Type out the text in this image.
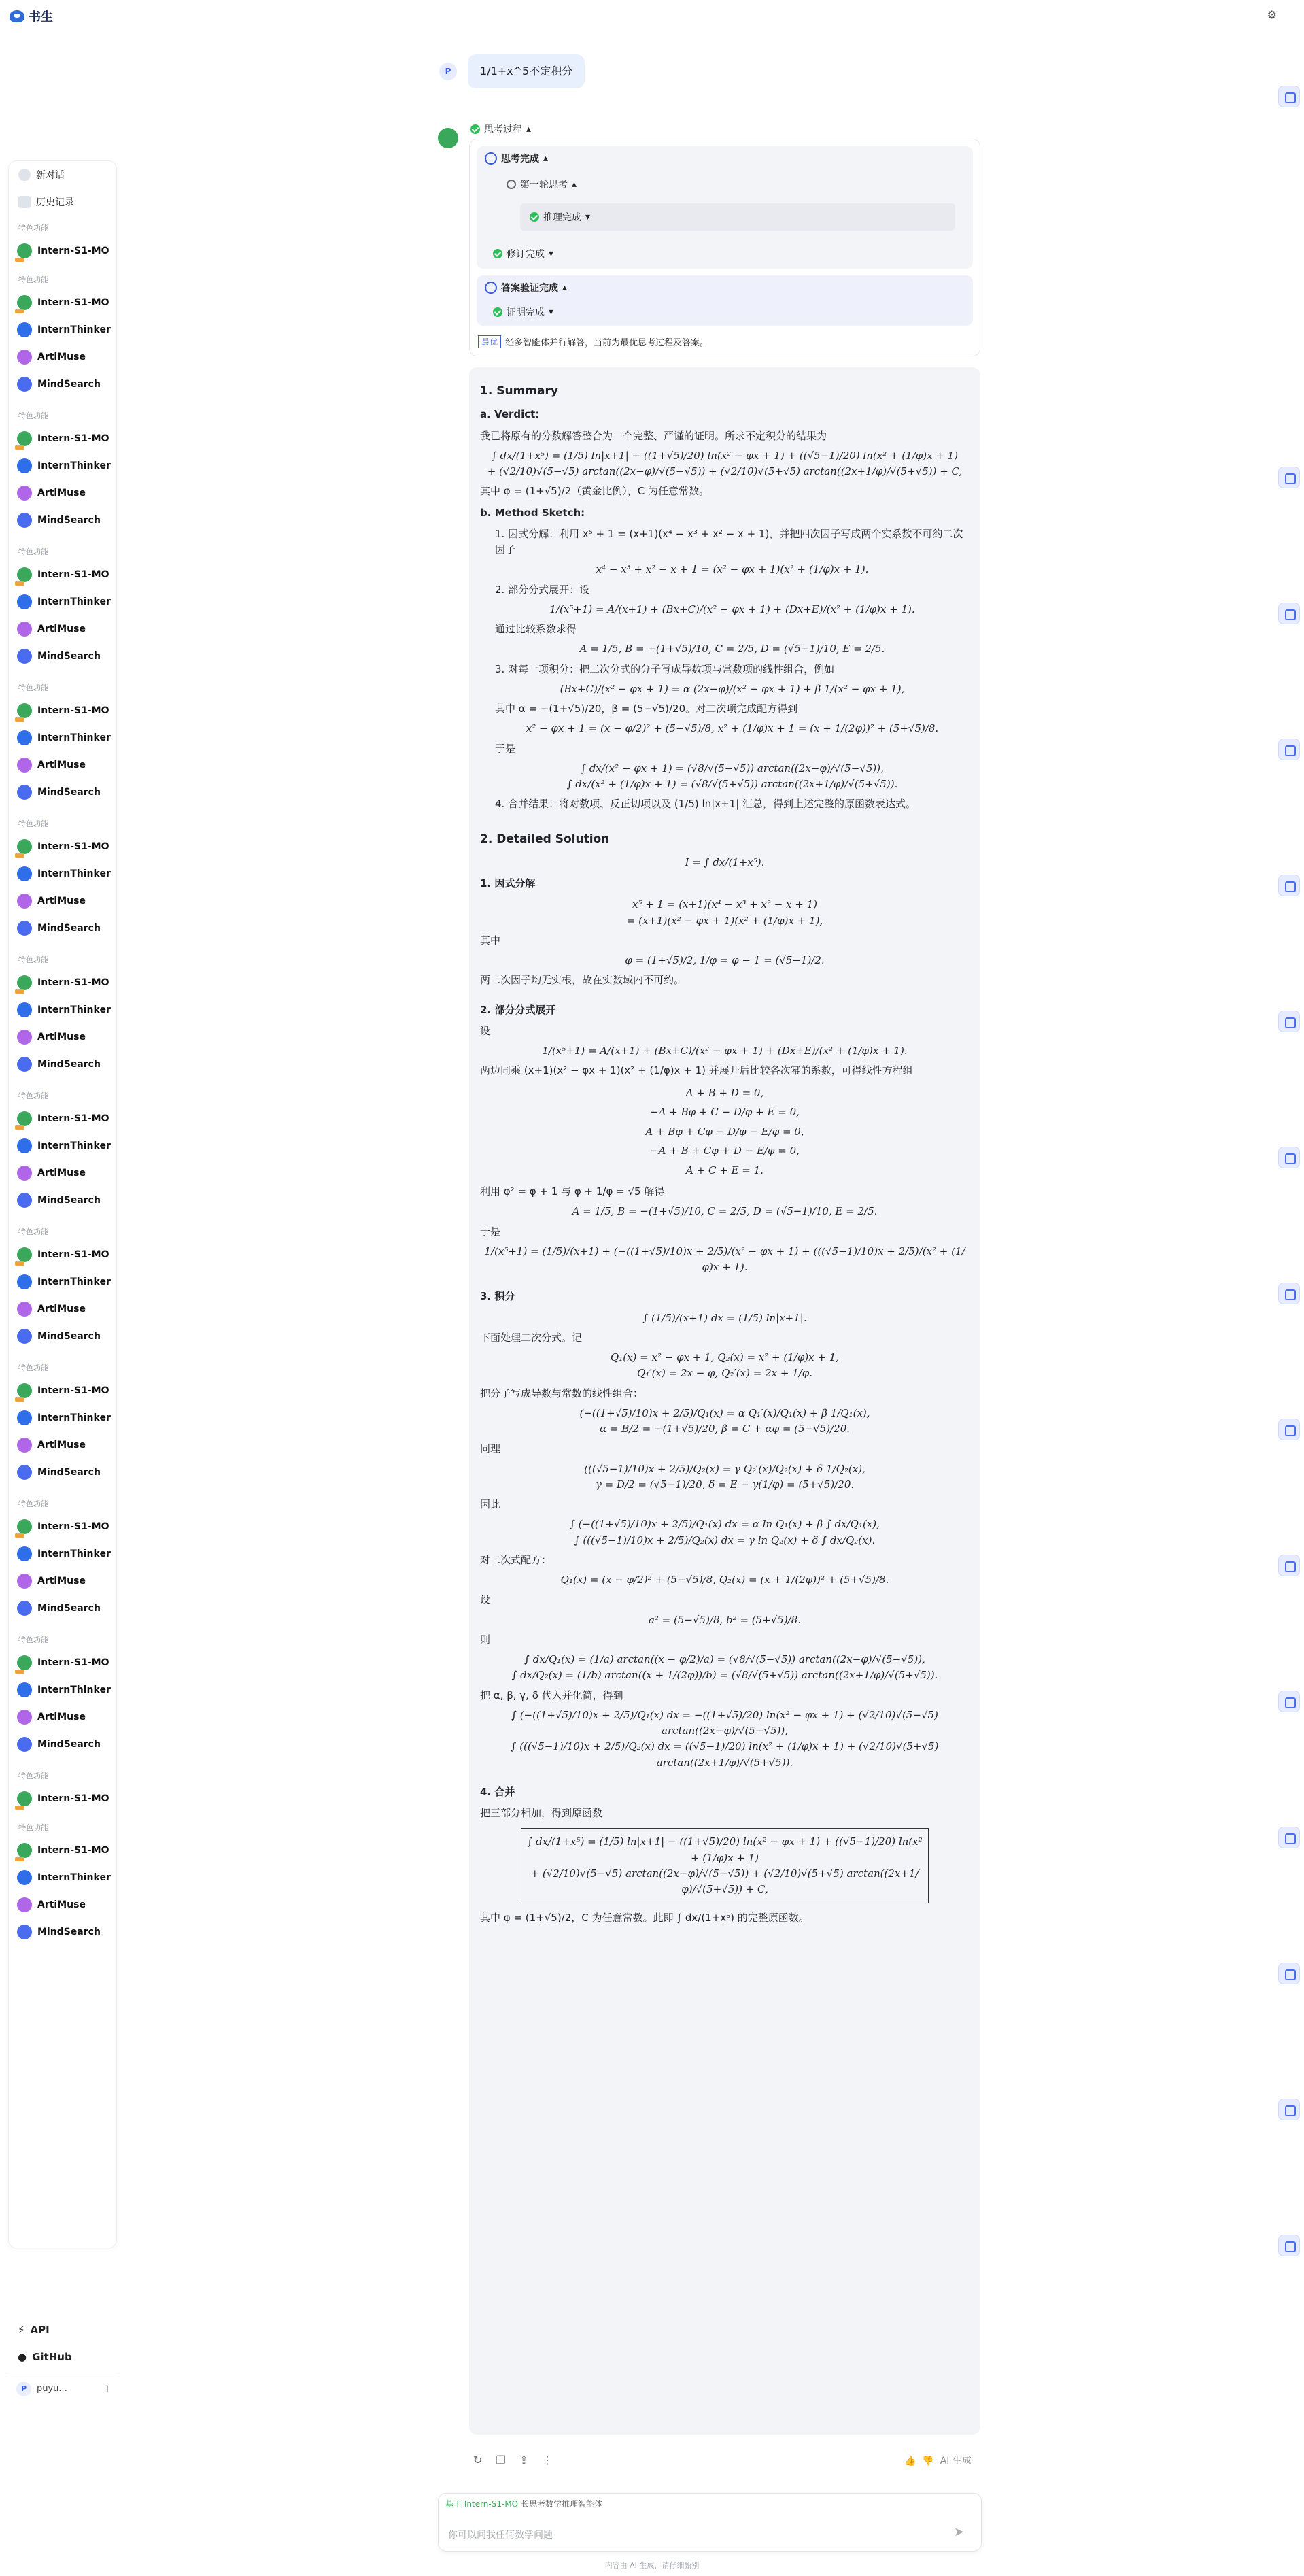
书生	⚙
新对话
历史记录
特色功能
Intern-S1-MO
特色功能
Intern-S1-MO
InternThinker
ArtiMuse
MindSearch
特色功能
Intern-S1-MO
InternThinker
ArtiMuse
MindSearch
特色功能
Intern-S1-MO
InternThinker
ArtiMuse
MindSearch
特色功能
Intern-S1-MO
InternThinker
ArtiMuse
MindSearch
特色功能
Intern-S1-MO
InternThinker
ArtiMuse
MindSearch
特色功能
Intern-S1-MO
InternThinker
ArtiMuse
MindSearch
特色功能
Intern-S1-MO
InternThinker
ArtiMuse
MindSearch
特色功能
Intern-S1-MO
InternThinker
ArtiMuse
MindSearch
特色功能
Intern-S1-MO
InternThinker
ArtiMuse
MindSearch
特色功能
Intern-S1-MO
InternThinker
ArtiMuse
MindSearch
特色功能
Intern-S1-MO
InternThinker
ArtiMuse
MindSearch
特色功能
Intern-S1-MO
特色功能
Intern-S1-MO
InternThinker
ArtiMuse
MindSearch
⚡ API
● GitHub
P	puyu...	▯
P	1/1+x^5不定积分
思考过程 ▴
思考完成 ▴
第一轮思考 ▴
推理完成 ▾
修订完成 ▾
答案验证完成 ▴
证明完成 ▾
最优 经多智能体并行解答，当前为最优思考过程及答案。
1. Summary
a. Verdict:
我已将原有的分数解答整合为一个完整、严谨的证明。所求不定积分的结果为
∫ dx/(1+x⁵) = (1/5) ln|x+1| − ((1+√5)/20) ln(x² − φx + 1) + ((√5−1)/20) ln(x² + (1/φ)x + 1)
+ (√2/10)√(5−√5) arctan((2x−φ)/√(5−√5)) + (√2/10)√(5+√5) arctan((2x+1/φ)/√(5+√5)) + C,
其中 φ = (1+√5)/2（黄金比例），C 为任意常数。
b. Method Sketch:
1. 因式分解：利用 x⁵ + 1 = (x+1)(x⁴ − x³ + x² − x + 1)，并把四次因子写成两个实系数不可约二次因子
x⁴ − x³ + x² − x + 1 = (x² − φx + 1)(x² + (1/φ)x + 1).
2. 部分分式展开：设
1/(x⁵+1) = A/(x+1) + (Bx+C)/(x² − φx + 1) + (Dx+E)/(x² + (1/φ)x + 1).
通过比较系数求得
A = 1/5, B = −(1+√5)/10, C = 2/5, D = (√5−1)/10, E = 2/5.
3. 对每一项积分：把二次分式的分子写成导数项与常数项的线性组合，例如
(Bx+C)/(x² − φx + 1) = α (2x−φ)/(x² − φx + 1) + β 1/(x² − φx + 1),
其中 α = −(1+√5)/20，β = (5−√5)/20。对二次项完成配方得到
x² − φx + 1 = (x − φ/2)² + (5−√5)/8, x² + (1/φ)x + 1 = (x + 1/(2φ))² + (5+√5)/8.
于是
∫ dx/(x² − φx + 1) = (√8/√(5−√5)) arctan((2x−φ)/√(5−√5)),
∫ dx/(x² + (1/φ)x + 1) = (√8/√(5+√5)) arctan((2x+1/φ)/√(5+√5)).
4. 合并结果：将对数项、反正切项以及 (1/5) ln|x+1| 汇总，得到上述完整的原函数表达式。
2. Detailed Solution
I = ∫ dx/(1+x⁵).
1. 因式分解
x⁵ + 1 = (x+1)(x⁴ − x³ + x² − x + 1)
= (x+1)(x² − φx + 1)(x² + (1/φ)x + 1),
其中
φ = (1+√5)/2, 1/φ = φ − 1 = (√5−1)/2.
两二次因子均无实根，故在实数域内不可约。
2. 部分分式展开
设
1/(x⁵+1) = A/(x+1) + (Bx+C)/(x² − φx + 1) + (Dx+E)/(x² + (1/φ)x + 1).
两边同乘 (x+1)(x² − φx + 1)(x² + (1/φ)x + 1) 并展开后比较各次幂的系数，可得线性方程组
A + B + D = 0,
−A + Bφ + C − D/φ + E = 0,
A + Bφ + Cφ − D/φ − E/φ = 0,
−A + B + Cφ + D − E/φ = 0,
A + C + E = 1.
利用 φ² = φ + 1 与 φ + 1/φ = √5 解得
A = 1/5, B = −(1+√5)/10, C = 2/5, D = (√5−1)/10, E = 2/5.
于是
1/(x⁵+1) = (1/5)/(x+1) + (−((1+√5)/10)x + 2/5)/(x² − φx + 1) + (((√5−1)/10)x + 2/5)/(x² + (1/φ)x + 1).
3. 积分
∫ (1/5)/(x+1) dx = (1/5) ln|x+1|.
下面处理二次分式。记
Q₁(x) = x² − φx + 1, Q₂(x) = x² + (1/φ)x + 1,
Q₁′(x) = 2x − φ, Q₂′(x) = 2x + 1/φ.
把分子写成导数与常数的线性组合：
(−((1+√5)/10)x + 2/5)/Q₁(x) = α Q₁′(x)/Q₁(x) + β 1/Q₁(x),
α = B/2 = −(1+√5)/20, β = C + αφ = (5−√5)/20.
同理
(((√5−1)/10)x + 2/5)/Q₂(x) = γ Q₂′(x)/Q₂(x) + δ 1/Q₂(x),
γ = D/2 = (√5−1)/20, δ = E − γ(1/φ) = (5+√5)/20.
因此
∫ (−((1+√5)/10)x + 2/5)/Q₁(x) dx = α ln Q₁(x) + β ∫ dx/Q₁(x),
∫ (((√5−1)/10)x + 2/5)/Q₂(x) dx = γ ln Q₂(x) + δ ∫ dx/Q₂(x).
对二次式配方：
Q₁(x) = (x − φ/2)² + (5−√5)/8, Q₂(x) = (x + 1/(2φ))² + (5+√5)/8.
设
a² = (5−√5)/8, b² = (5+√5)/8.
则
∫ dx/Q₁(x) = (1/a) arctan((x − φ/2)/a) = (√8/√(5−√5)) arctan((2x−φ)/√(5−√5)),
∫ dx/Q₂(x) = (1/b) arctan((x + 1/(2φ))/b) = (√8/√(5+√5)) arctan((2x+1/φ)/√(5+√5)).
把 α, β, γ, δ 代入并化简，得到
∫ (−((1+√5)/10)x + 2/5)/Q₁(x) dx = −((1+√5)/20) ln(x² − φx + 1) + (√2/10)√(5−√5) arctan((2x−φ)/√(5−√5)),
∫ (((√5−1)/10)x + 2/5)/Q₂(x) dx = ((√5−1)/20) ln(x² + (1/φ)x + 1) + (√2/10)√(5+√5) arctan((2x+1/φ)/√(5+√5)).
4. 合并
把三部分相加，得到原函数
∫ dx/(1+x⁵) = (1/5) ln|x+1| − ((1+√5)/20) ln(x² − φx + 1) + ((√5−1)/20) ln(x² + (1/φ)x + 1)
+ (√2/10)√(5−√5) arctan((2x−φ)/√(5−√5)) + (√2/10)√(5+√5) arctan((2x+1/φ)/√(5+√5)) + C,
其中 φ = (1+√5)/2，C 为任意常数。此即 ∫ dx/(1+x⁵) 的完整原函数。
↻❐⇪⋮	👍 👎 AI 生成
基于 Intern-S1-MO 长思考数学推理智能体
你可以问我任何数学问题	➤
内容由 AI 生成，请仔细甄别
